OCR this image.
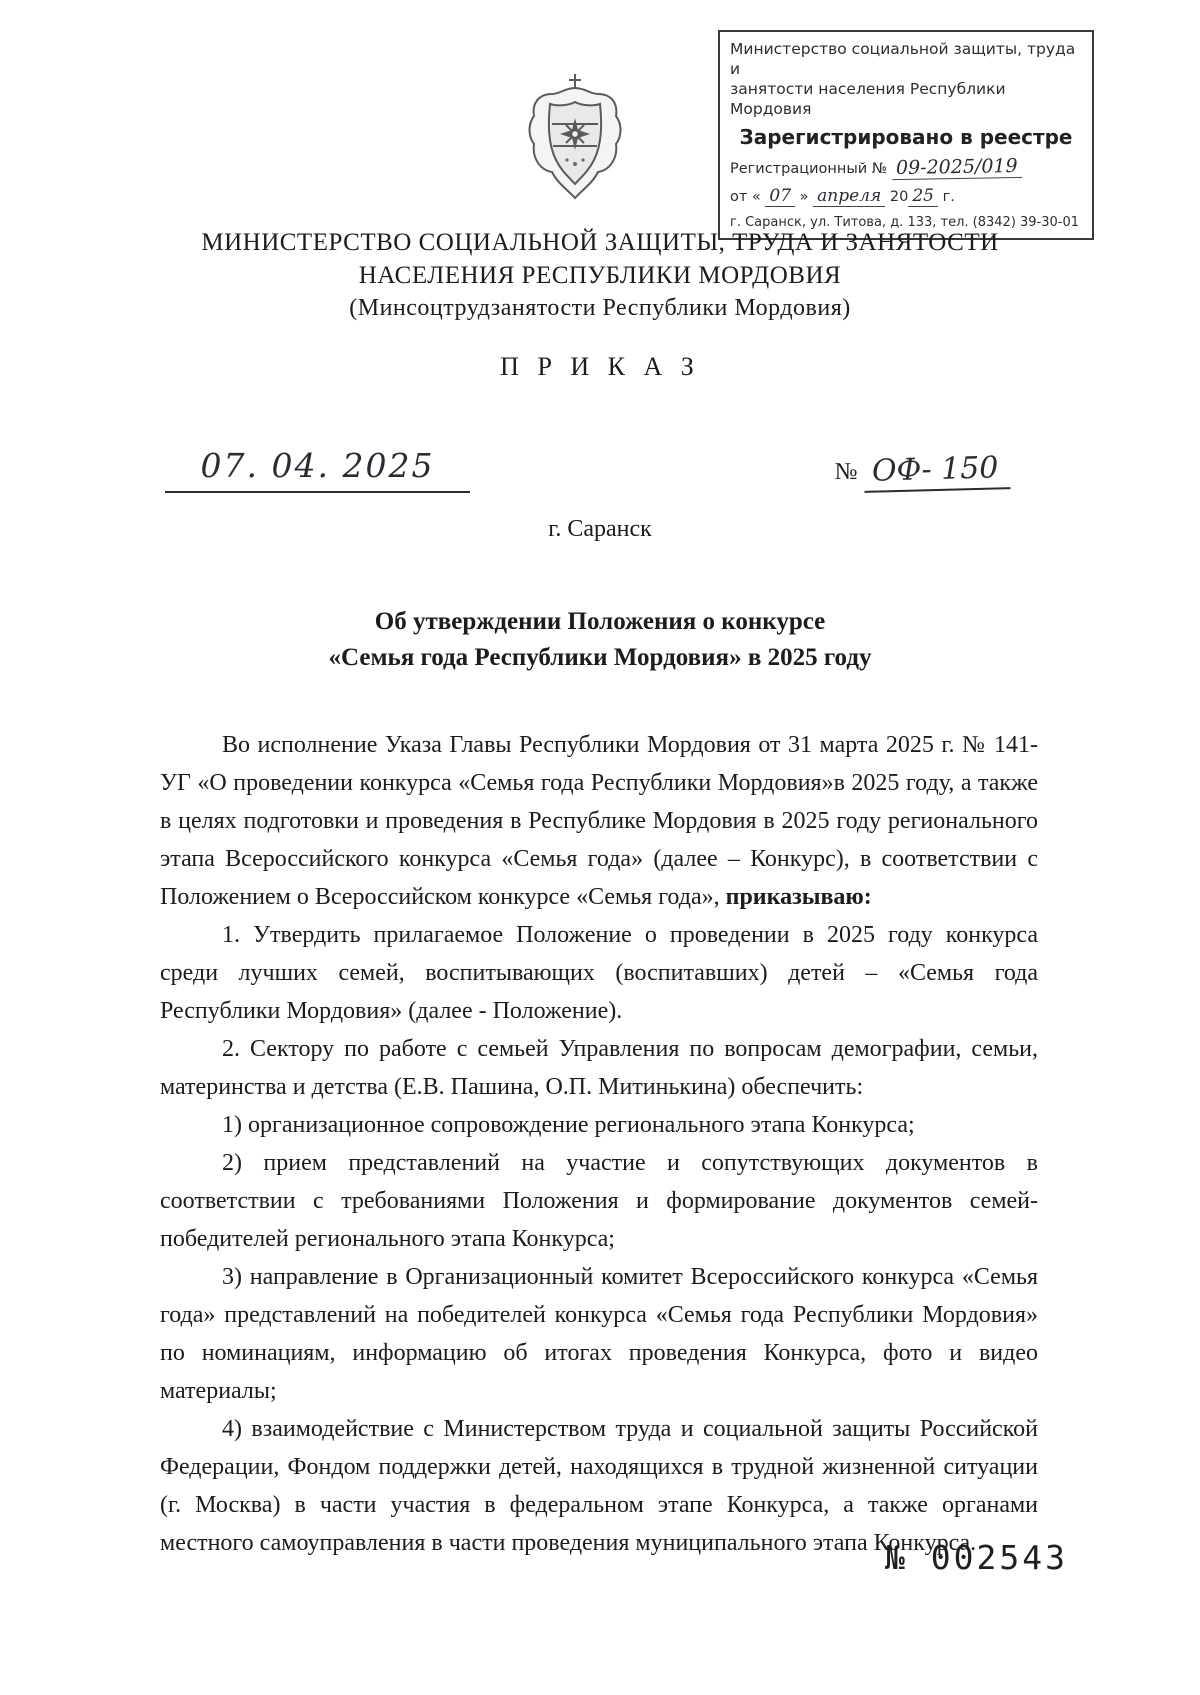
Министерство социальной защиты, труда и
занятости населения Республики Мордовия
Зарегистрировано в реестре
Регистрационный № 09-2025/019
от « 07 » апреля 20 25 г.
г. Саранск, ул. Титова, д. 133, тел. (8342) 39-30-01
МИНИСТЕРСТВО СОЦИАЛЬНОЙ ЗАЩИТЫ, ТРУДА И ЗАНЯТОСТИ
НАСЕЛЕНИЯ РЕСПУБЛИКИ МОРДОВИЯ
(Минсоцтрудзанятости Республики Мордовия)
П Р И К А З
07. 04. 2025	№ ОФ- 150
г. Саранск
Об утверждении Положения о конкурсе
«Семья года Республики Мордовия» в 2025 году

Во исполнение Указа Главы Республики Мордовия от 31 марта 2025 г. № 141-УГ «О проведении конкурса «Семья года Республики Мордовия»в 2025 году, а также в целях подготовки и проведения в Республике Мордовия в 2025 году регионального этапа Всероссийского конкурса «Семья года» (далее – Конкурс), в соответствии с Положением о Всероссийском конкурсе «Семья года», приказываю:

1. Утвердить прилагаемое Положение о проведении в 2025 году конкурса среди лучших семей, воспитывающих (воспитавших) детей – «Семья года Республики Мордовия» (далее - Положение).

2. Сектору по работе с семьей Управления по вопросам демографии, семьи, материнства и детства (Е.В. Пашина, О.П. Митинькина) обеспечить:

1) организационное сопровождение регионального этапа Конкурса;

2) прием представлений на участие и сопутствующих документов в соответствии с требованиями Положения и формирование документов семей-победителей регионального этапа Конкурса;

3) направление в Организационный комитет Всероссийского конкурса «Семья года» представлений на победителей конкурса «Семья года Республики Мордовия» по номинациям, информацию об итогах проведения Конкурса, фото и видео материалы;

4) взаимодействие с Министерством труда и социальной защиты Российской Федерации, Фондом поддержки детей, находящихся в трудной жизненной ситуации (г. Москва) в части участия в федеральном этапе Конкурса, а также органами местного самоуправления в части проведения муниципального этапа Конкурса.

№ 002543
